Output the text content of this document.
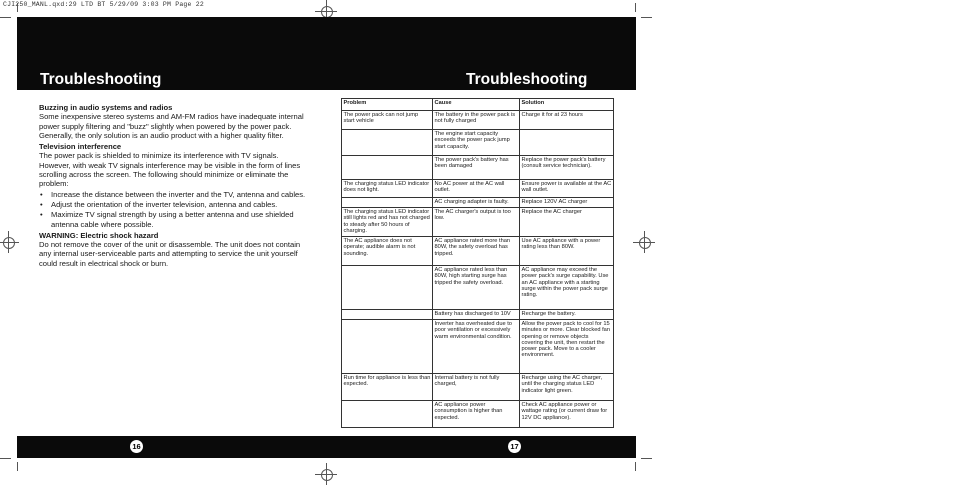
CJI250_MANL.qxd:29 LTD BT 5/29/09 3:03 PM Page 22
Troubleshooting	Troubleshooting
16	17
Buzzing in audio systems and radios

Some inexpensive stereo systems and AM-FM radios have inadequate internal power supply filtering and "buzz" slightly when powered by the power pack. Generally, the only solution is an audio product with a higher quality filter.

Television interference

The power pack is shielded to minimize its interference with TV signals. However, with weak TV signals interference may be visible in the form of lines scrolling across the screen. The following should minimize or eliminate the problem:

• Increase the distance between the inverter and the TV, antenna and cables.
• Adjust the orientation of the inverter television, antenna and cables.
• Maximize TV signal strength by using a better antenna and use shielded antenna cable where possible.
WARNING: Electric shock hazard

Do not remove the cover of the unit or disassemble. The unit does not contain any internal user-serviceable parts and attempting to service the unit yourself could result in electrical shock or burn.

Problem	Cause	Solution
The power pack can not jump start vehicle	The battery in the power pack is not fully charged	Charge it for at 23 hours
	The engine start capacity exceeds the power pack jump start capacity.	
	The power pack's battery has been damaged	Replace the power pack's battery (consult service technician).
The charging status LED indicator does not light.	No AC power at the AC wall outlet.	Ensure power is available at the AC wall outlet.
	AC charging adapter is faulty.	Replace 120V AC charger
The charging status LED indicator still lights red and has not charged to steady after 50 hours of charging.	The AC charger's output is too low.	Replace the AC charger
The AC appliance does not operate; audible alarm is not sounding.	AC appliance rated more than 80W, the safety overload has tripped.	Use AC appliance with a power rating less than 80W.
	AC appliance rated less than 80W, high starting surge has tripped the safety overload.	AC appliance may exceed the power pack's surge capability. Use an AC appliance with a starting surge within the power pack surge rating.
	Battery has discharged to 10V	Recharge the battery.
	Inverter has overheated due to poor ventilation or excessively warm environmental condition.	Allow the power pack to cool for 15 minutes or more. Clear blocked fan opening or remove objects covering the unit, then restart the power pack. Move to a cooler environment.
Run time for appliance is less than expected.	Internal battery is not fully charged,	Recharge using the AC charger, until the charging status LED indicator light green.
	AC appliance power consumption is higher than expected.	Check AC appliance power or wattage rating (or current draw for 12V DC appliance).
